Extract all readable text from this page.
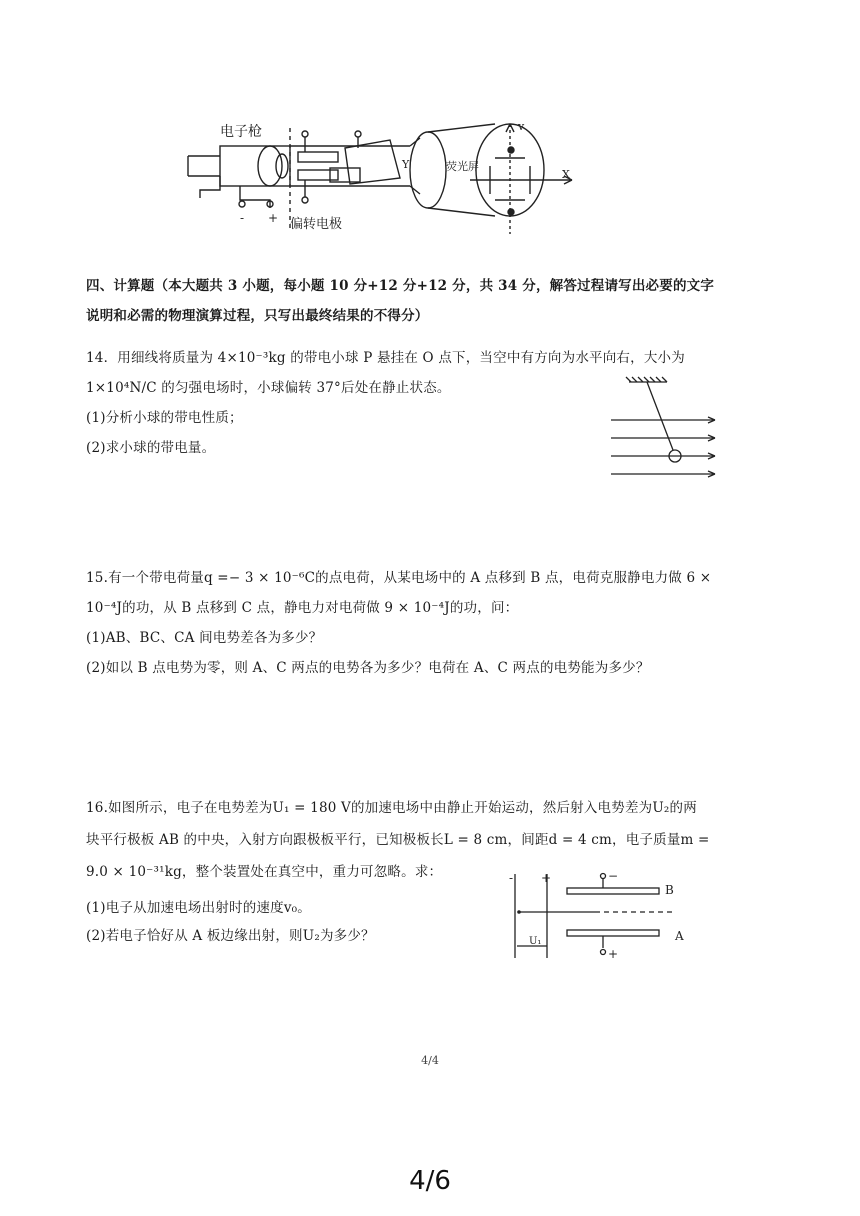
电子枪
偏转电极
荧光屏
Y
X
v
- +
四、计算题（本大题共 3 小题，每小题 10 分+12 分+12 分，共 34 分，解答过程请写出必要的文字
说明和必需的物理演算过程，只写出最终结果的不得分）
14．用细线将质量为 4×10⁻³kg 的带电小球 P 悬挂在 O 点下，当空中有方向为水平向右，大小为
1×10⁴N/C 的匀强电场时，小球偏转 37°后处在静止状态。
(1)分析小球的带电性质；
(2)求小球的带电量。
15.有一个带电荷量q =− 3 × 10⁻⁶C的点电荷，从某电场中的 A 点移到 B 点，电荷克服静电力做 6 ×
10⁻⁴J的功，从 B 点移到 C 点，静电力对电荷做 9 × 10⁻⁴J的功，问：
(1)AB、BC、CA 间电势差各为多少？
(2)如以 B 点电势为零，则 A、C 两点的电势各为多少？电荷在 A、C 两点的电势能为多少？
16.如图所示，电子在电势差为U₁ = 180 V的加速电场中由静止开始运动，然后射入电势差为U₂的两
块平行极板 AB 的中央，入射方向跟极板平行，已知极板长L = 8 cm，间距d = 4 cm，电子质量m =
9.0 × 10⁻³¹kg，整个装置处在真空中，重力可忽略。求：
(1)电子从加速电场出射时的速度v₀。
(2)若电子恰好从 A 板边缘出射，则U₂为多少？
- +	−
+
B
A
U₁
4/4
4/6
